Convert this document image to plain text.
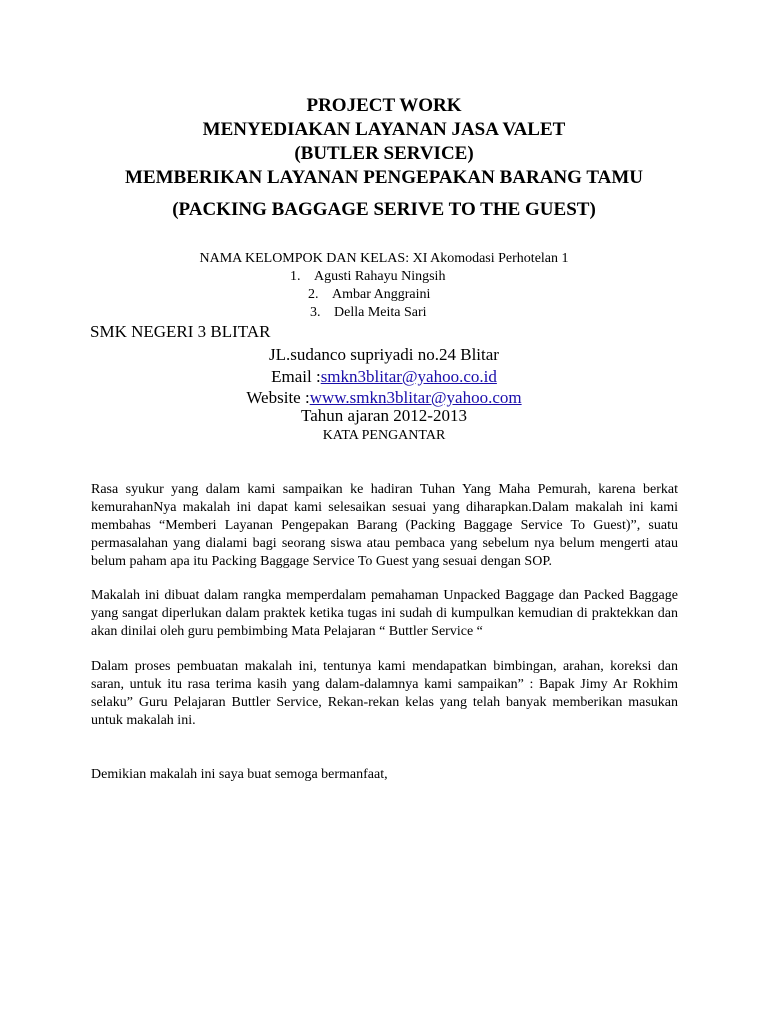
PROJECT WORK
MENYEDIAKAN LAYANAN JASA VALET
(BUTLER SERVICE)
MEMBERIKAN LAYANAN PENGEPAKAN BARANG TAMU
(PACKING BAGGAGE SERIVE TO THE GUEST)
NAMA KELOMPOK DAN KELAS: XI Akomodasi Perhotelan 1
1. Agusti Rahayu Ningsih
2. Ambar Anggraini
3. Della Meita Sari
SMK NEGERI 3 BLITAR
JL.sudanco supriyadi no.24 Blitar
Email :smkn3blitar@yahoo.co.id
Website :www.smkn3blitar@yahoo.com
Tahun ajaran 2012-2013
KATA PENGANTAR

Rasa syukur yang dalam kami sampaikan ke hadiran Tuhan Yang Maha Pemurah, karena berkat kemurahanNya makalah ini dapat kami selesaikan sesuai yang diharapkan.Dalam makalah ini kami membahas “Memberi Layanan Pengepakan Barang (Packing Baggage Service To Guest)”, suatu permasalahan yang dialami bagi seorang siswa atau pembaca yang sebelum nya belum mengerti atau belum paham apa itu Packing Baggage Service To Guest yang sesuai dengan SOP.

Makalah ini dibuat dalam rangka memperdalam pemahaman Unpacked Baggage dan Packed Baggage yang sangat diperlukan dalam praktek ketika tugas ini sudah di kumpulkan kemudian di praktekkan dan akan dinilai oleh guru pembimbing Mata Pelajaran “ Buttler Service “

Dalam proses pembuatan makalah ini, tentunya kami mendapatkan bimbingan, arahan, koreksi dan saran, untuk itu rasa terima kasih yang dalam-dalamnya kami sampaikan” : Bapak Jimy Ar Rokhim selaku” Guru Pelajaran Buttler Service, Rekan-rekan kelas yang telah banyak memberikan masukan untuk makalah ini.

Demikian makalah ini saya buat semoga bermanfaat,
